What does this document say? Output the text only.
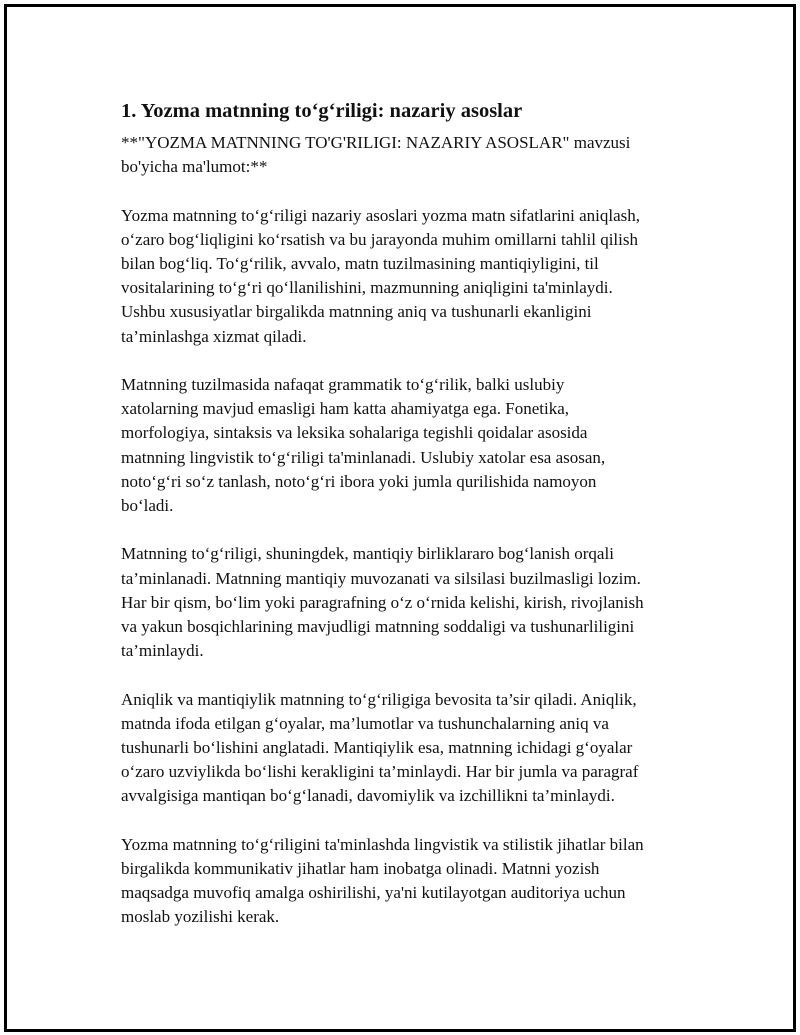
1. Yozma matnning to‘g‘riligi: nazariy asoslar

**"YOZMA MATNNING TO'G'RILIGI: NAZARIY ASOSLAR" mavzusi
bo'yicha ma'lumot:**

Yozma matnning to‘g‘riligi nazariy asoslari yozma matn sifatlarini aniqlash,
o‘zaro bog‘liqligini ko‘rsatish va bu jarayonda muhim omillarni tahlil qilish
bilan bog‘liq. To‘g‘rilik, avvalo, matn tuzilmasining mantiqiyligini, til
vositalarining to‘g‘ri qo‘llanilishini, mazmunning aniqligini ta'minlaydi.
Ushbu xususiyatlar birgalikda matnning aniq va tushunarli ekanligini
ta’minlashga xizmat qiladi.

Matnning tuzilmasida nafaqat grammatik to‘g‘rilik, balki uslubiy
xatolarning mavjud emasligi ham katta ahamiyatga ega. Fonetika,
morfologiya, sintaksis va leksika sohalariga tegishli qoidalar asosida
matnning lingvistik to‘g‘riligi ta'minlanadi. Uslubiy xatolar esa asosan,
noto‘g‘ri so‘z tanlash, noto‘g‘ri ibora yoki jumla qurilishida namoyon
bo‘ladi.

Matnning to‘g‘riligi, shuningdek, mantiqiy birliklararo bog‘lanish orqali
ta’minlanadi. Matnning mantiqiy muvozanati va silsilasi buzilmasligi lozim.
Har bir qism, bo‘lim yoki paragrafning o‘z o‘rnida kelishi, kirish, rivojlanish
va yakun bosqichlarining mavjudligi matnning soddaligi va tushunarliligini
ta’minlaydi.

Aniqlik va mantiqiylik matnning to‘g‘riligiga bevosita ta’sir qiladi. Aniqlik,
matnda ifoda etilgan g‘oyalar, ma’lumotlar va tushunchalarning aniq va
tushunarli bo‘lishini anglatadi. Mantiqiylik esa, matnning ichidagi g‘oyalar
o‘zaro uzviylikda bo‘lishi kerakligini ta’minlaydi. Har bir jumla va paragraf
avvalgisiga mantiqan bo‘g‘lanadi, davomiylik va izchillikni ta’minlaydi.

Yozma matnning to‘g‘riligini ta'minlashda lingvistik va stilistik jihatlar bilan
birgalikda kommunikativ jihatlar ham inobatga olinadi. Matnni yozish
maqsadga muvofiq amalga oshirilishi, ya'ni kutilayotgan auditoriya uchun
moslab yozilishi kerak.
